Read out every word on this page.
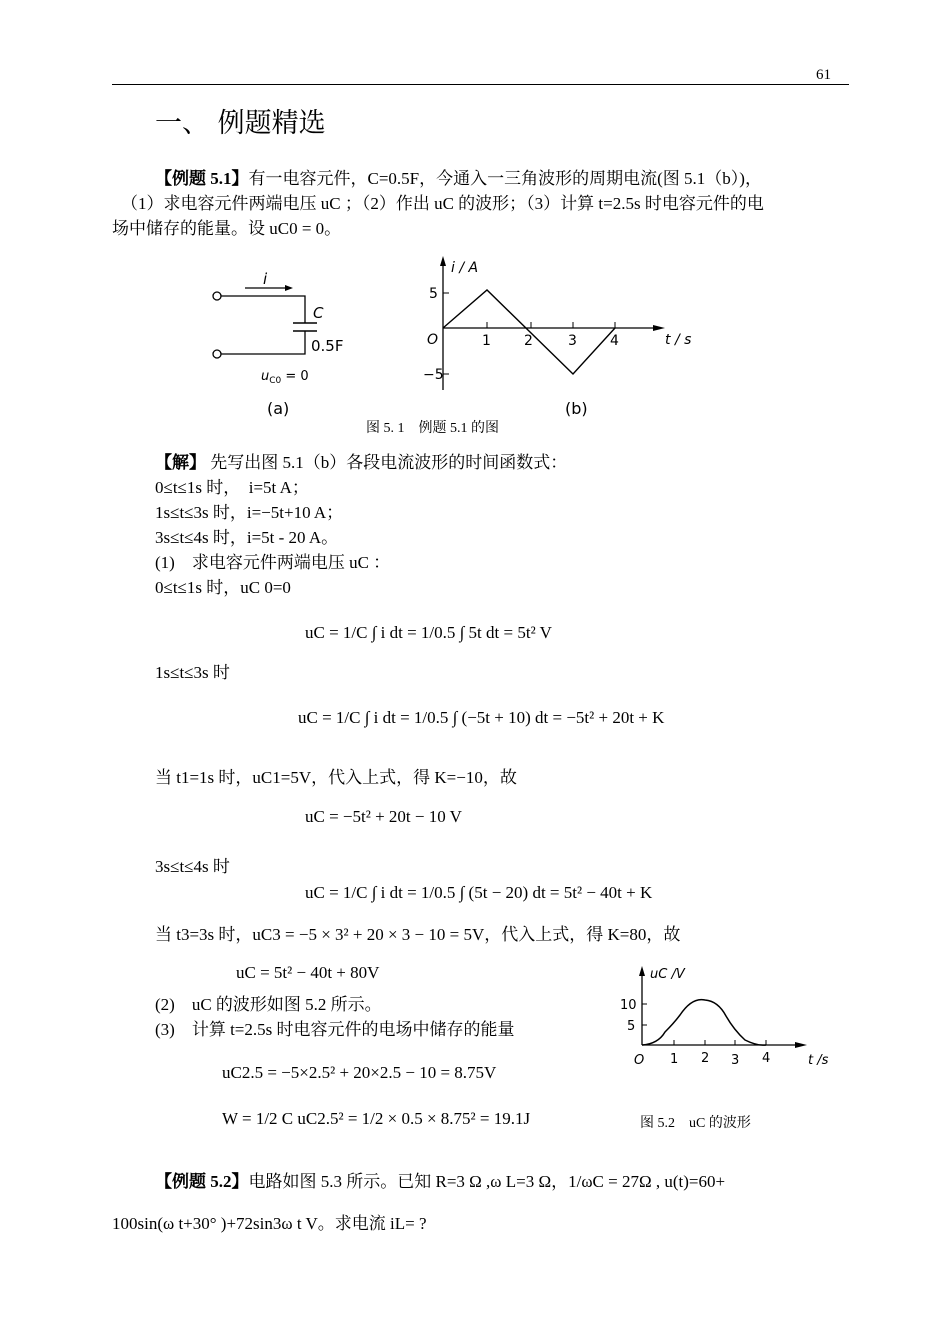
61
一、 例题精选
【例题 5.1】有一电容元件，C=0.5F，今通入一三角波形的周期电流(图 5.1（b）)，
（1）求电容元件两端电压 uC ；（2）作出 uC 的波形；（3）计算 t=2.5s 时电容元件的电
场中储存的能量。设 uC0 = 0。
i
C
0.5F
$u_{C0} = 0$
(a)
i / A
t / s
O
5
−5
1 2	3 4
(b)
图 5. 1　例题 5.1 的图
【解】 先写出图 5.1（b）各段电流波形的时间函数式：
0≤t≤1s 时，　i=5t A；
1s≤t≤3s 时，i=−5t+10 A；
3s≤t≤4s 时，i=5t - 20 A。
(1)　求电容元件两端电压 uC ：
0≤t≤1s 时，uC 0=0
uC = 1/C ∫ i dt = 1/0.5 ∫ 5t dt = 5t² V
1s≤t≤3s 时
uC = 1/C ∫ i dt = 1/0.5 ∫ (−5t + 10) dt = −5t² + 20t + K
当 t1=1s 时，uC1=5V，代入上式，得 K=−10，故
uC = −5t² + 20t − 10 V
3s≤t≤4s 时
uC = 1/C ∫ i dt = 1/0.5 ∫ (5t − 20) dt = 5t² − 40t + K
当 t3=3s 时，uC3 = −5 × 3² + 20 × 3 − 10 = 5V，代入上式，得 K=80，故
uC = 5t² − 40t + 80V
(2)　uC 的波形如图 5.2 所示。
(3)　计算 t=2.5s 时电容元件的电场中储存的能量
uC2.5 = −5×2.5² + 20×2.5 − 10 = 8.75V
W = 1/2 C uC2.5² = 1/2 × 0.5 × 8.75² = 19.1J
uC /V
t /s
O
10
5
1 2 3 4
图 5.2　uC 的波形
【例题 5.2】电路如图 5.3 所示。已知 R=3 Ω ,ω L=3 Ω，1/ωC = 27Ω , u(t)=60+
100sin(ω t+30° )+72sin3ω t V。求电流 iL= ?
